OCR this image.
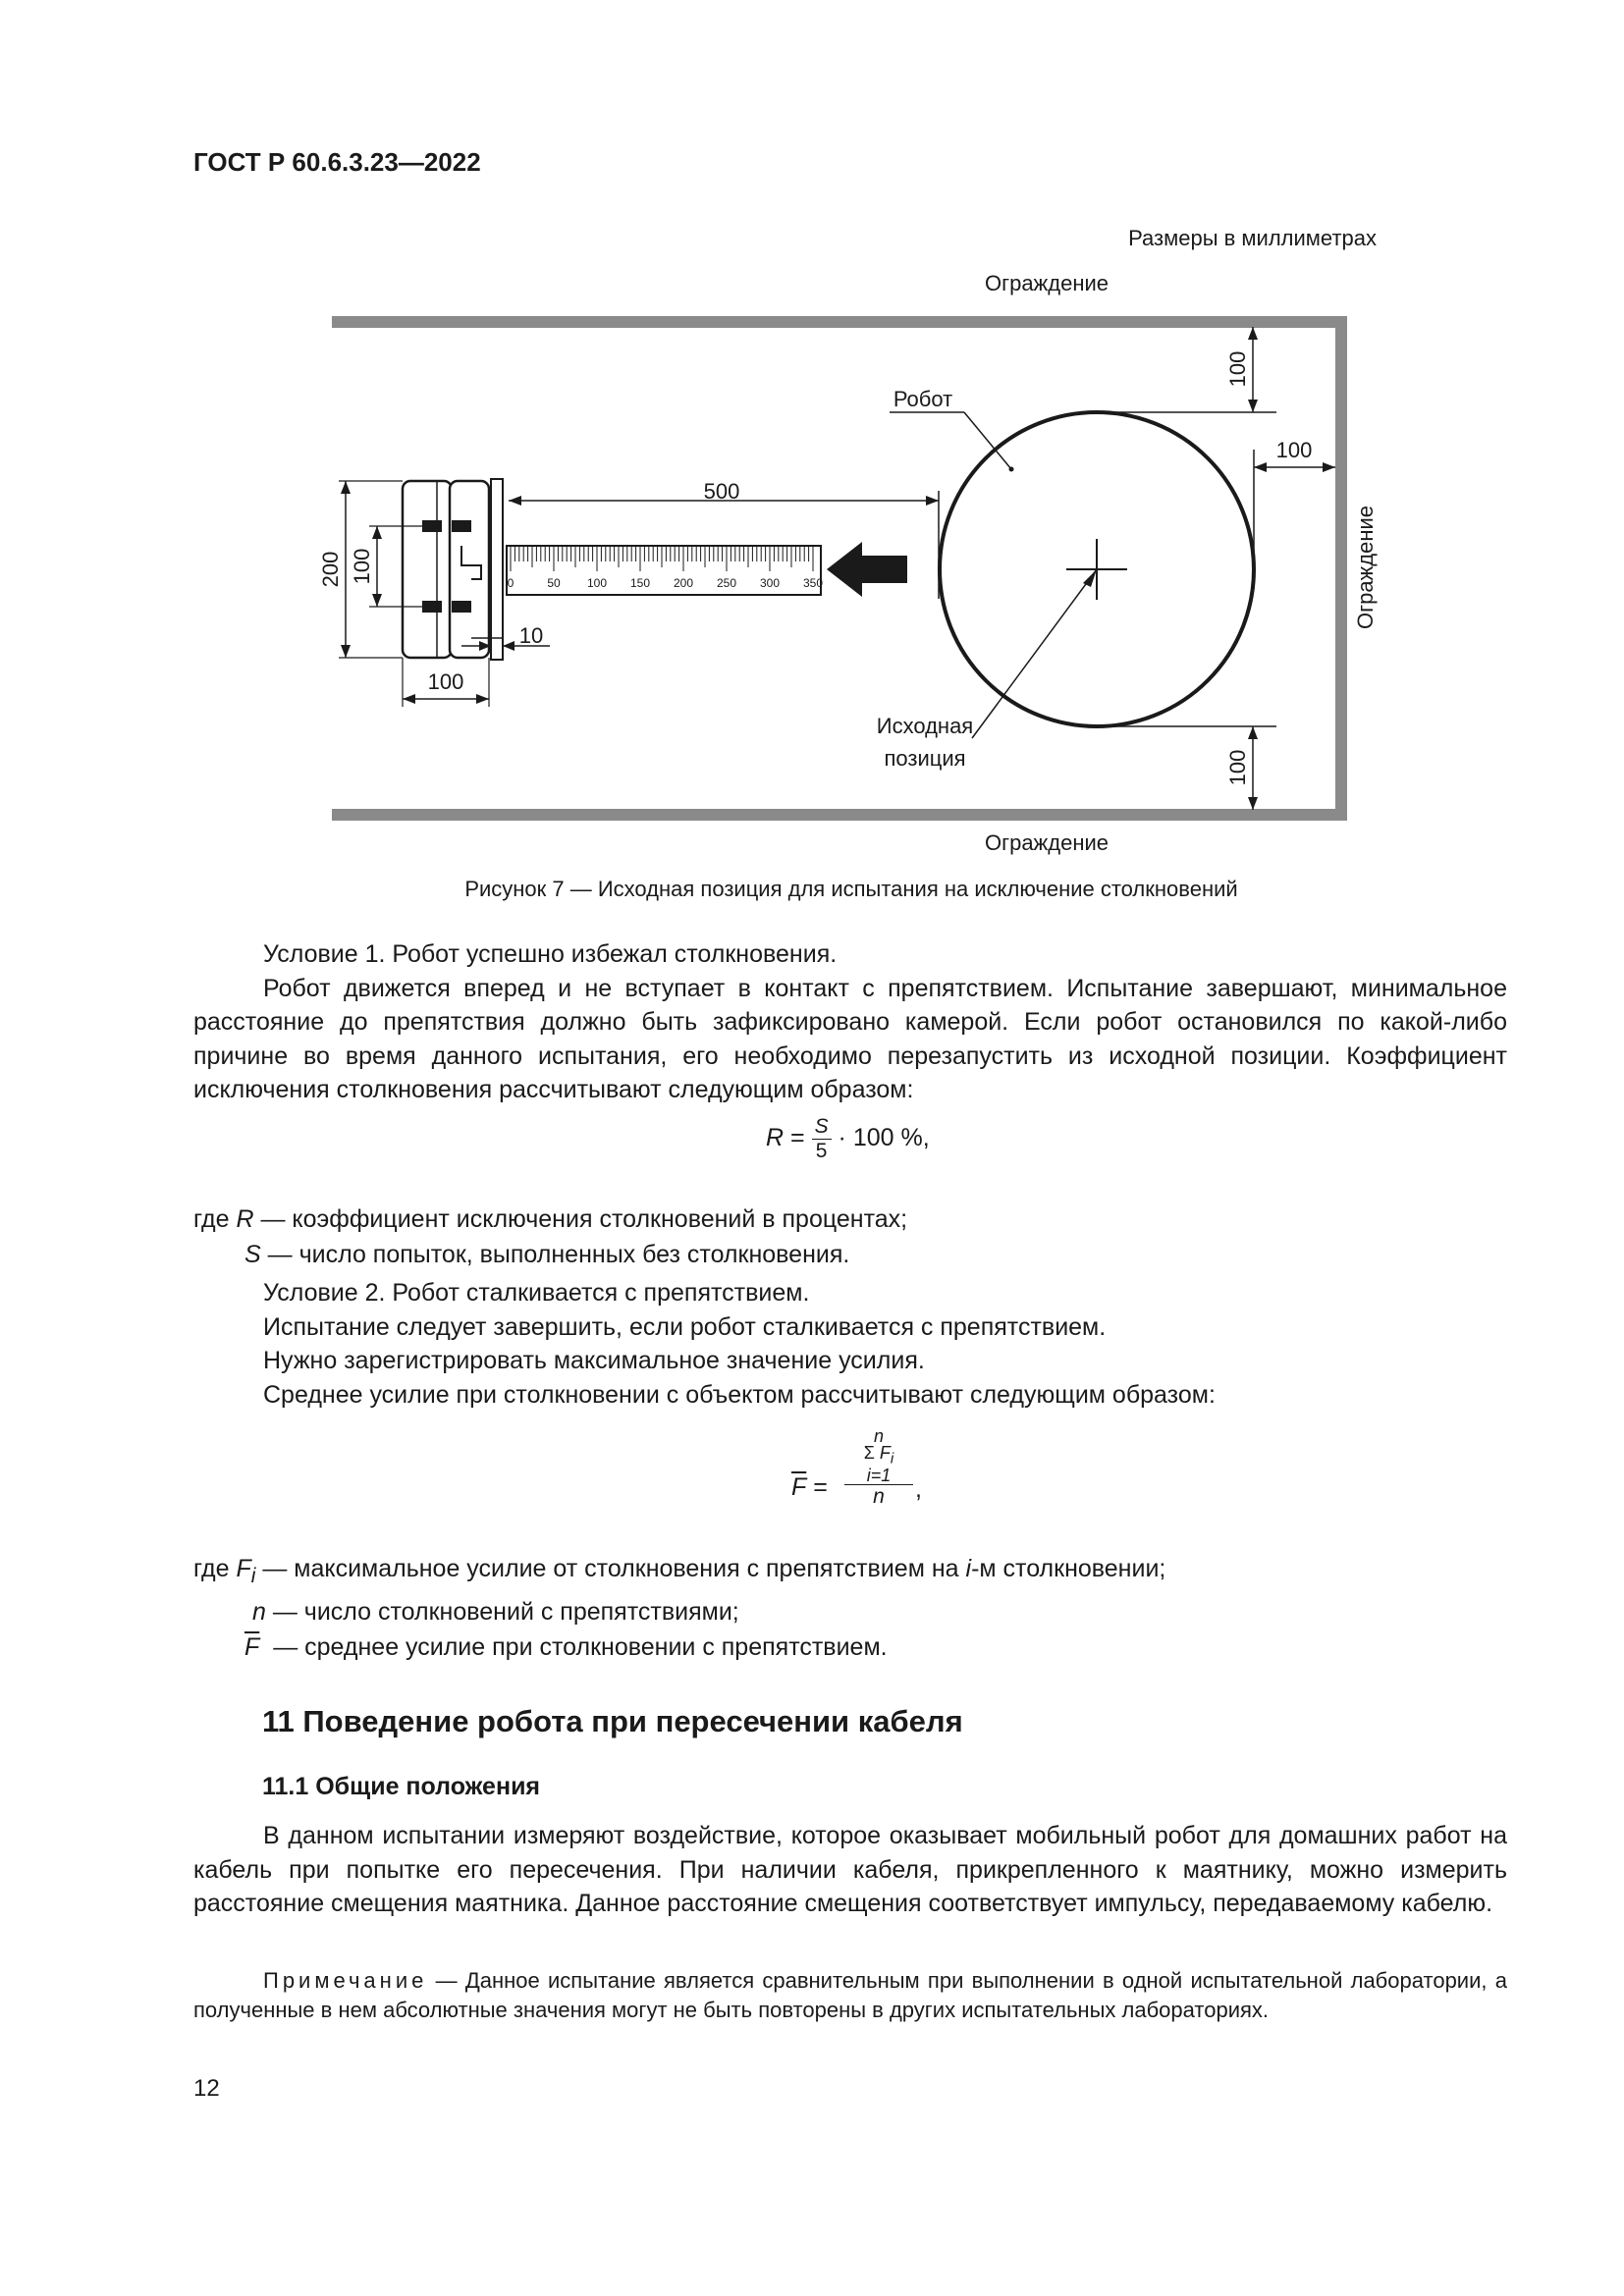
ГОСТ Р 60.6.3.23—2022
Размеры в миллиметрах
Ограждение
Ограждение
Ограждение
Робот
Исходная
позиция
100
100
100
500
0	50 100 150 200 250 300 350
200 100
100
10
Рисунок 7 — Исходная позиция для испытания на исключение столкновений

Условие 1. Робот успешно избежал столкновения.

Робот движется вперед и не вступает в контакт с препятствием. Испытание завершают, минимальное расстояние до препятствия должно быть зафиксировано камерой. Если робот остановился по какой-либо причине во время данного испытания, его необходимо перезапустить из исходной позиции. Коэффициент исключения столкновения рассчитывают следующим образом:

$R = \frac{S}{5} \cdot 100$ %,
где R — коэффициент исключения столкновений в процентах;
S — число попыток, выполненных без столкновения.

Условие 2. Робот сталкивается с препятствием.

Испытание следует завершить, если робот сталкивается с препятствием.

Нужно зарегистрировать максимальное значение усилия.

Среднее усилие при столкновении с объектом рассчитывают следующим образом:

$\overline{F}$ =
n
Σ $F_i$
i=1
n	,
где $F_i$ — максимальное усилие от столкновения с препятствием на i-м столкновении;
n — число столкновений с препятствиями;
$\overline{F}$ — среднее усилие при столкновении с препятствием.
11 Поведение робота при пересечении кабеля
11.1 Общие положения

В данном испытании измеряют воздействие, которое оказывает мобильный робот для домашних работ на кабель при попытке его пересечения. При наличии кабеля, прикрепленного к маятнику, можно измерить расстояние смещения маятника. Данное расстояние смещения соответствует импульсу, передаваемому кабелю.

Примечание — Данное испытание является сравнительным при выполнении в одной испытательной лаборатории, а полученные в нем абсолютные значения могут не быть повторены в других испытательных лабораториях.
12
